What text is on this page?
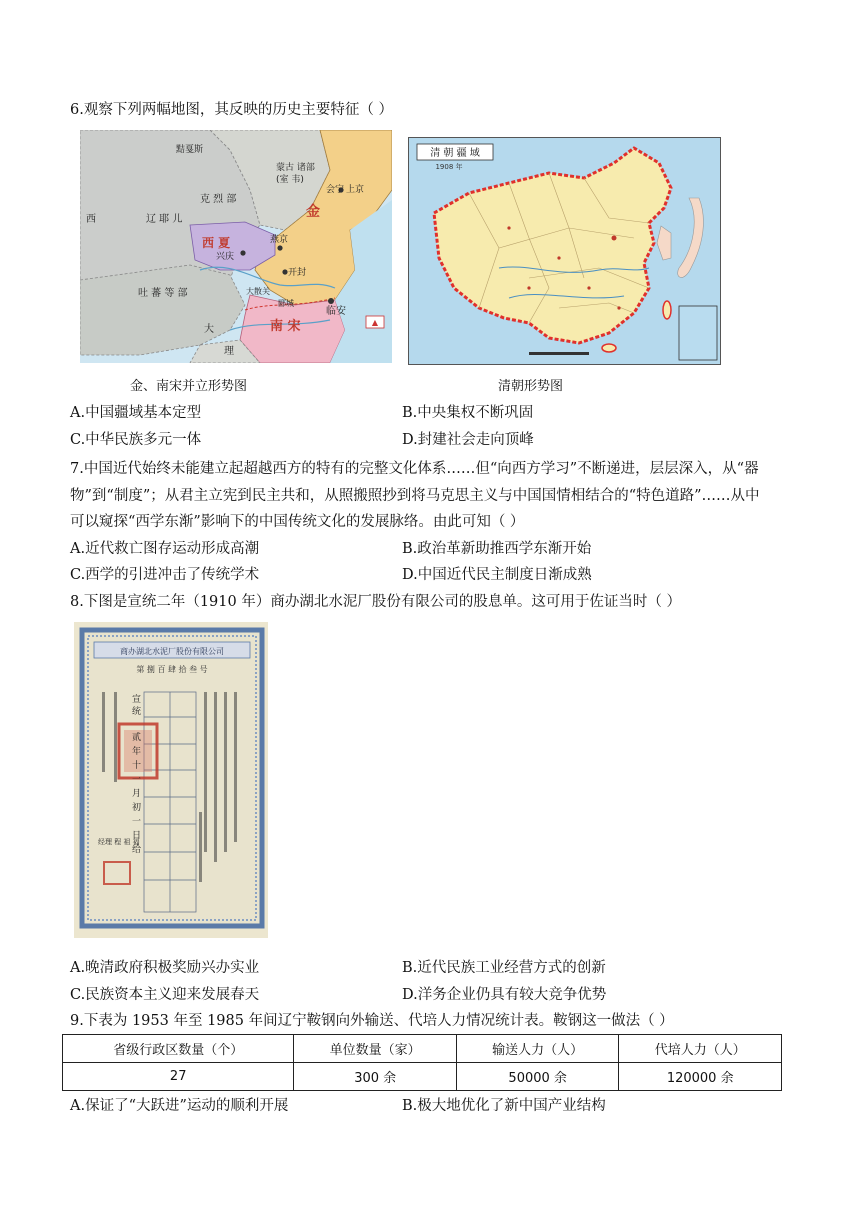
6.观察下列两幅地图，其反映的历史主要特征（ ）
▲
黠戛斯
西	辽 耶 儿
克 烈 部
蒙古 诸部
(室 韦)
金
会宁 上京
西 夏
兴庆
燕京
开封
吐 蕃 等 部	大散关
郾城
临安
南 宋
大
理
清 朝 疆 域
1908 年
金、南宋并立形势图	清朝形势图
A.中国疆域基本定型	B.中央集权不断巩固
C.中华民族多元一体	D.封建社会走向顶峰
7.中国近代始终未能建立起超越西方的特有的完整文化体系……但“向西方学习”不断递进，层层深入，从“器
物”到“制度”；从君主立宪到民主共和，从照搬照抄到将马克思主义与中国国情相结合的“特色道路”……从中
可以窥探“西学东渐”影响下的中国传统文化的发展脉络。由此可知（ ）
A.近代救亡图存运动形成高潮	B.政治革新助推西学东渐开始
C.西学的引进冲击了传统学术	D.中国近代民主制度日渐成熟
8.下图是宣统二年（1910 年）商办湖北水泥厂股份有限公司的股息单。这可用于佐证当时（ ）
商办湖北水泥厂股份有限公司
第 捌 百 肆 拾 叁 号
宣
统
贰
年
十
一
月
初
一
日
给
经理 程 祖 福
A.晚清政府积极奖励兴办实业	B.近代民族工业经营方式的创新
C.民族资本主义迎来发展春天	D.洋务企业仍具有较大竞争优势
9.下表为 1953 年至 1985 年间辽宁鞍钢向外输送、代培人力情况统计表。鞍钢这一做法（ ）
省级行政区数量（个）	单位数量（家）	输送人力（人）	代培人力（人）
27	300 余	50000 余	120000 余
A.保证了“大跃进”运动的顺利开展	B.极大地优化了新中国产业结构
